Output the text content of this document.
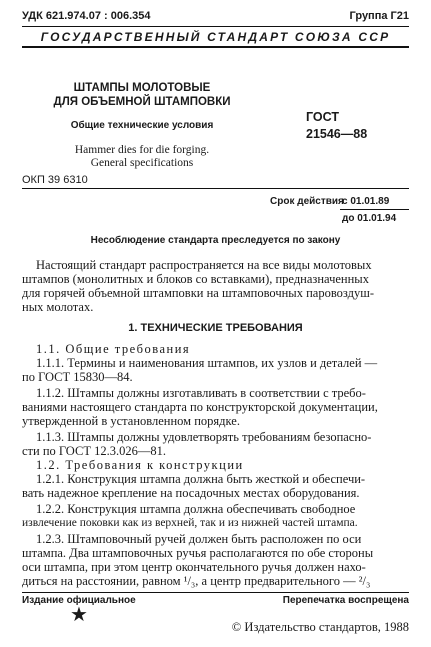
УДК 621.974.07 : 006.354	Группа Г21
ГОСУДАРСТВЕННЫЙ СТАНДАРТ СОЮЗА ССР
ШТАМПЫ МОЛОТОВЫЕ
ДЛЯ ОБЪЕМНОЙ ШТАМПОВКИ
Общие технические условия
Hammer dies for die forging.
General specifications
ГОСТ
21546—88
ОКП 39 6310
Срок действия
с 01.01.89
до 01.01.94
Несоблюдение стандарта преследуется по закону
Настоящий стандарт распространяется на все виды молотовых
штампов (монолитных и блоков со вставками), предназначенных
для горячей объемной штамповки на штамповочных паровоздуш-
ных молотах.
1. ТЕХНИЧЕСКИЕ ТРЕБОВАНИЯ
1.1. Общие требования
1.1.1. Термины и наименования штампов, их узлов и деталей —
по ГОСТ 15830—84.
1.1.2. Штампы должны изготавливать в соответствии с требо-
ваниями настоящего стандарта по конструкторской документации,
утвержденной в установленном порядке.
1.1.3. Штампы должны удовлетворять требованиям безопасно-
сти по ГОСТ 12.3.026—81.
1.2. Требования к конструкции
1.2.1. Конструкция штампа должна быть жесткой и обеспечи-
вать надежное крепление на посадочных местах оборудования.
1.2.2. Конструкция штампа должна обеспечивать свободное
извлечение поковки как из верхней, так и из нижней частей штампа.
1.2.3. Штамповочный ручей должен быть расположен по оси
штампа. Два штамповочных ручья располагаются по обе стороны
оси штампа, при этом центр окончательного ручья должен нахо-
диться на расстоянии, равном ¹/₃, а центр предварительного — ²/₃
Издание официальное	Перепечатка воспрещена
★
© Издательство стандартов, 1988
